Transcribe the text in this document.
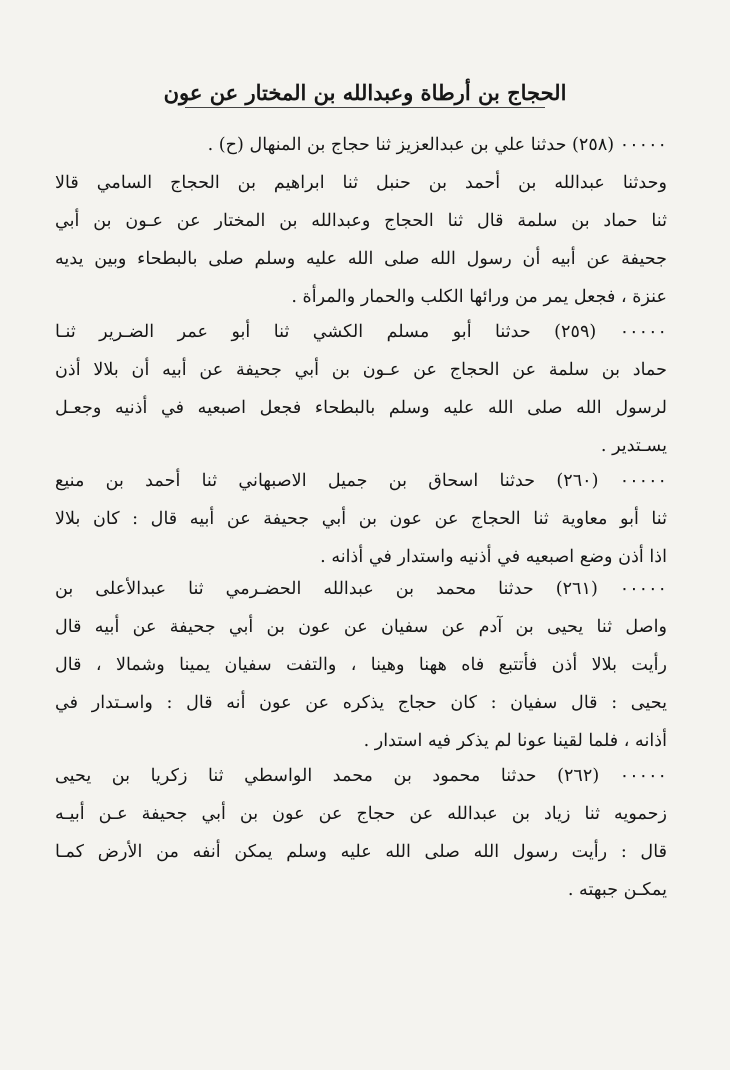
الحجاج بن أرطاة وعبدالله بن المختار عن عون
٠٠٠٠٠ (٢٥٨) حدثنا علي بن عبدالعزيز ثنا حجاج بن المنهال (ح) .
وحدثنا عبدالله بن أحمد بن حنبل ثنا ابراهيم بن الحجاج السامي قالا
ثنا حماد بن سلمة قال ثنا الحجاج وعبدالله بن المختار عن عـون بن أبي
جحيفة عن أبيه أن رسول الله صلى الله عليه وسلم صلى بالبطحاء وبين يديه
عنزة ، فجعل يمر من ورائها الكلب والحمار والمرأة .
٠٠٠٠٠ (٢٥٩) حدثنا أبو مسلم الكشي ثنا أبو عمر الضـرير ثنـا
حماد بن سلمة عن الحجاج عن عـون بن أبي جحيفة عن أبيه أن بلالا أذن
لرسول الله صلى الله عليه وسلم بالبطحاء فجعل اصبعيه في أذنيه وجعـل
يسـتدير .
٠٠٠٠٠ (٢٦٠) حدثنا اسحاق بن جميل الاصبهاني ثنا أحمد بن منيع
ثنا أبو معاوية ثنا الحجاج عن عون بن أبي جحيفة عن أبيه قال : كان بلالا
اذا أذن وضع اصبعيه في أذنيه واستدار في أذانه .
٠٠٠٠٠ (٢٦١) حدثنا محمد بن عبدالله الحضـرمي ثنا عبدالأعلى بن
واصل ثنا يحيى بن آدم عن سفيان عن عون بن أبي جحيفة عن أبيه قال
رأيت بلالا أذن فأتتبع فاه ههنا وهينا ، والتفت سفيان يمينا وشمالا ، قال
يحيى : قال سفيان : كان حجاج يذكره عن عون أنه قال : واسـتدار في
أذانه ، فلما لقينا عونا لم يذكر فيه استدار .
٠٠٠٠٠ (٢٦٢) حدثنا محمود بن محمد الواسطي ثنا زكريا بن يحيى
زحمويه ثنا زياد بن عبدالله عن حجاج عن عون بن أبي جحيفة عـن أبيـه
قال : رأيت رسول الله صلى الله عليه وسلم يمكن أنفه من الأرض كمـا
يمكـن جبهته .
